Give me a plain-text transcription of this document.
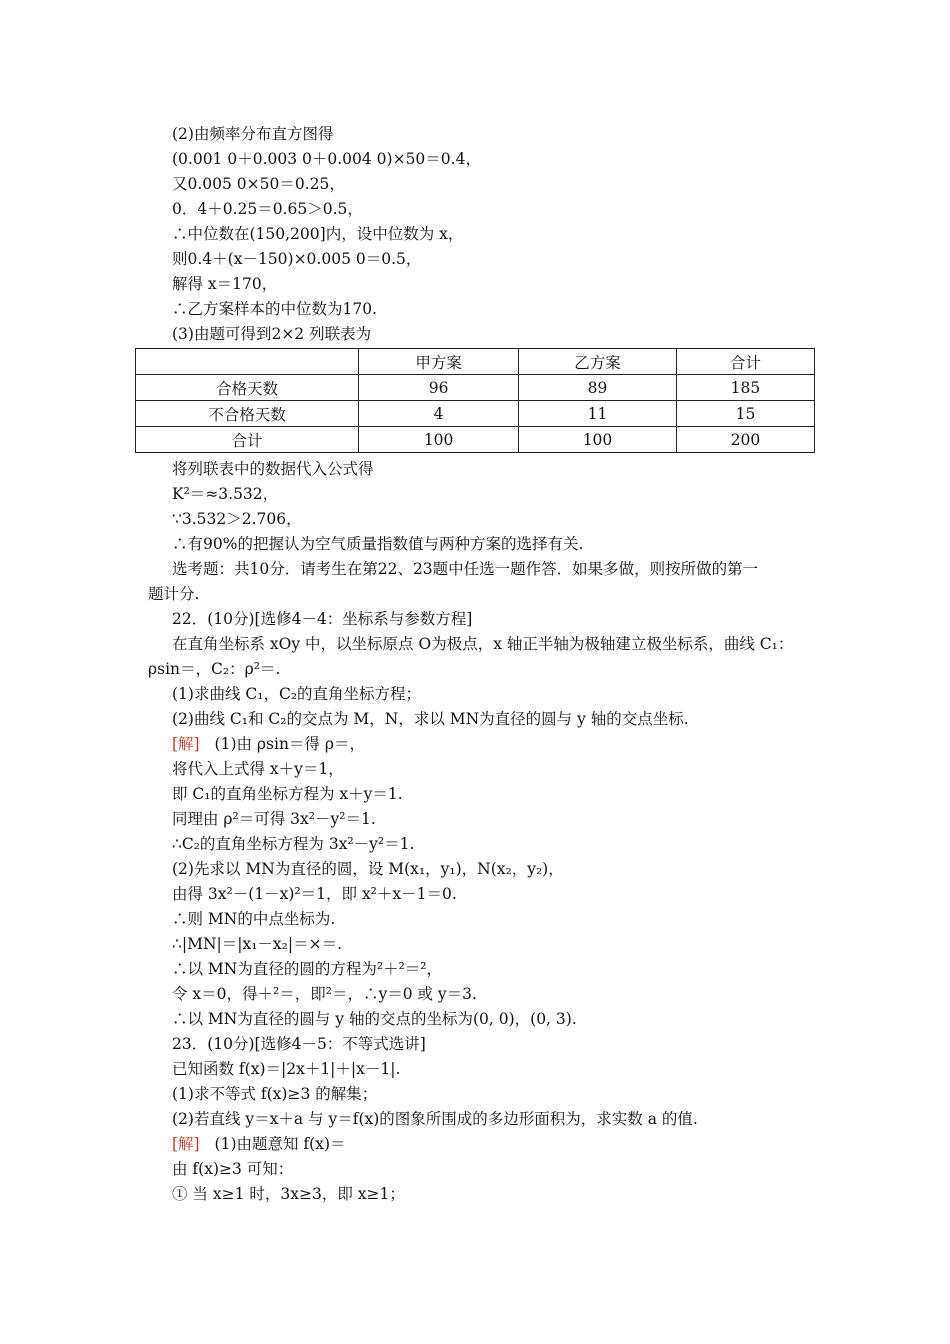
(2)由频率分布直方图得
(0.001 0＋0.003 0＋0.004 0)×50＝0.4，
又0.005 0×50＝0.25，
0．4＋0.25＝0.65＞0.5，
∴中位数在(150,200]内，设中位数为 x，
则0.4＋(x－150)×0.005 0＝0.5，
解得 x＝170，
∴乙方案样本的中位数为170.
(3)由题可得到2×2 列联表为
	甲方案	乙方案	合计
合格天数	96	89	185
不合格天数	4	11	15
合计	100	100	200
将列联表中的数据代入公式得
K²＝≈3.532，
∵3.532＞2.706，
∴有90%的把握认为空气质量指数值与两种方案的选择有关.
选考题：共10分．请考生在第22、23题中任选一题作答．如果多做，则按所做的第一
题计分.
22．(10分)[选修4－4：坐标系与参数方程]
在直角坐标系 xOy 中，以坐标原点 O为极点，x 轴正半轴为极轴建立极坐标系，曲线 C₁：
ρsin＝，C₂：ρ²＝.
(1)求曲线 C₁，C₂的直角坐标方程；
(2)曲线 C₁和 C₂的交点为 M，N，求以 MN为直径的圆与 y 轴的交点坐标.
[解] (1)由 ρsin＝得 ρ＝，
将代入上式得 x＋y＝1，
即 C₁的直角坐标方程为 x＋y＝1.
同理由 ρ²＝可得 3x²－y²＝1.
∴C₂的直角坐标方程为 3x²－y²＝1.
(2)先求以 MN为直径的圆，设 M(x₁，y₁)，N(x₂，y₂)，
由得 3x²－(1－x)²＝1，即 x²＋x－1＝0.
∴则 MN的中点坐标为.
∴|MN|＝|x₁－x₂|＝×＝.
∴以 MN为直径的圆的方程为²＋²＝²，
令 x＝0，得＋²＝，即²＝，∴y＝0 或 y＝3.
∴以 MN为直径的圆与 y 轴的交点的坐标为(0, 0)，(0, 3).
23．(10分)[选修4－5：不等式选讲]
已知函数 f(x)＝|2x＋1|＋|x－1|.
(1)求不等式 f(x)≥3 的解集；
(2)若直线 y＝x＋a 与 y＝f(x)的图象所围成的多边形面积为，求实数 a 的值.
[解] (1)由题意知 f(x)＝
由 f(x)≥3 可知：
① 当 x≥1 时，3x≥3，即 x≥1；
